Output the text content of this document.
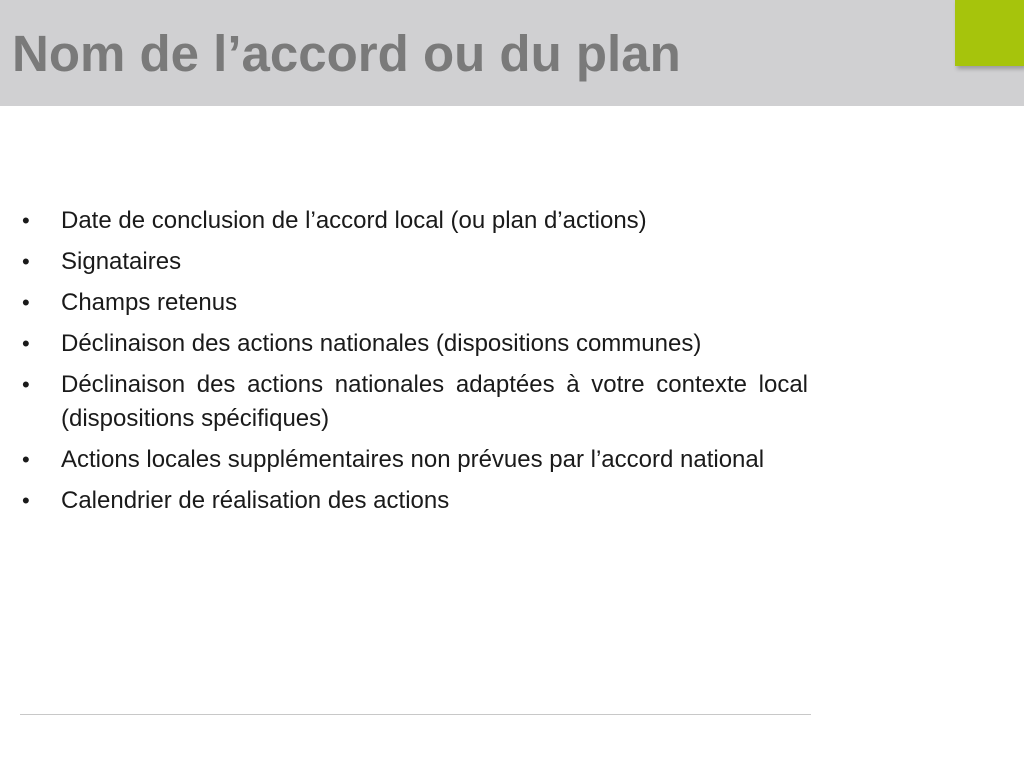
Nom de l’accord ou du plan
•	Date de conclusion de l’accord local (ou plan d’actions)
•	Signataires
•	Champs retenus
•	Déclinaison des actions nationales (dispositions communes)
•	Déclinaison des actions nationales adaptées à votre contexte local (dispositions spécifiques)
•	Actions locales supplémentaires non prévues par l’accord national
•	Calendrier de réalisation des actions
